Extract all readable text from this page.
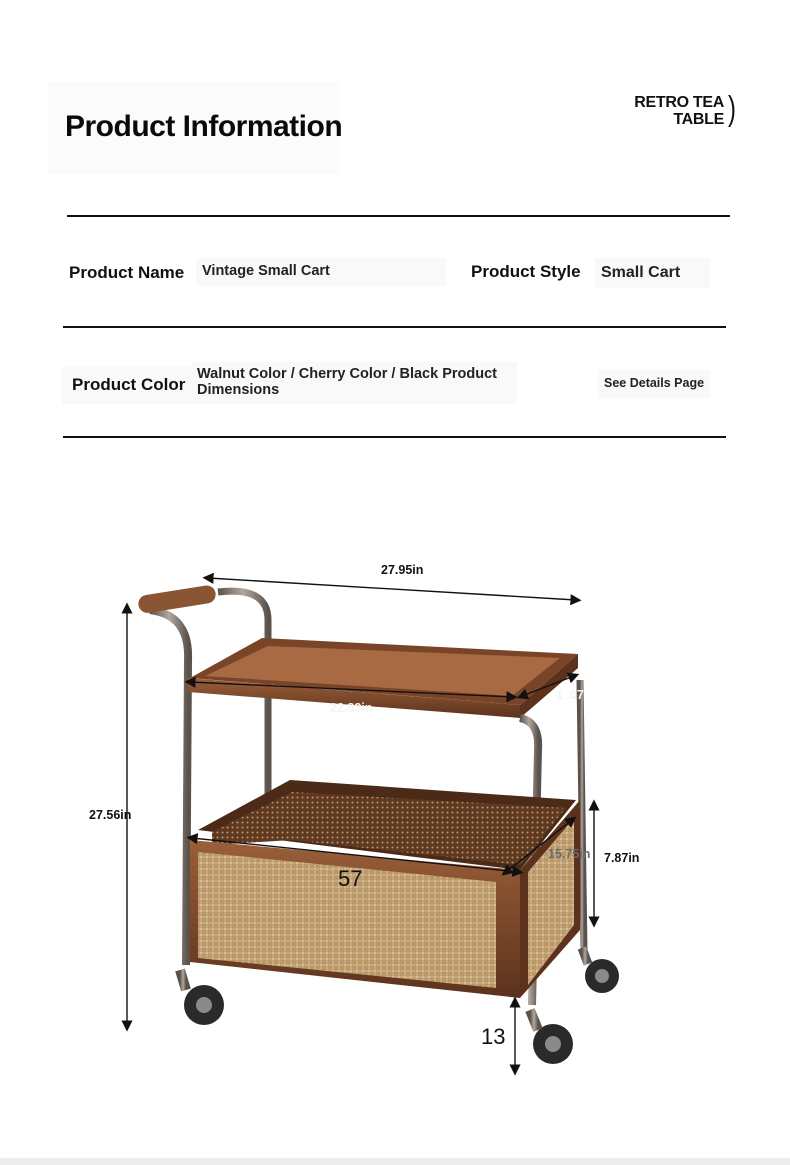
Product Information
RETRO TEA
TABLE )
Product Name Vintage Small Cart	Product Style Small Cart
Product Color
Walnut Color / Cherry Color / Black Product
Dimensions	See Details Page
27.95in
22.83in
1 .67
27.56in
57
15.75in 7.87in
13
